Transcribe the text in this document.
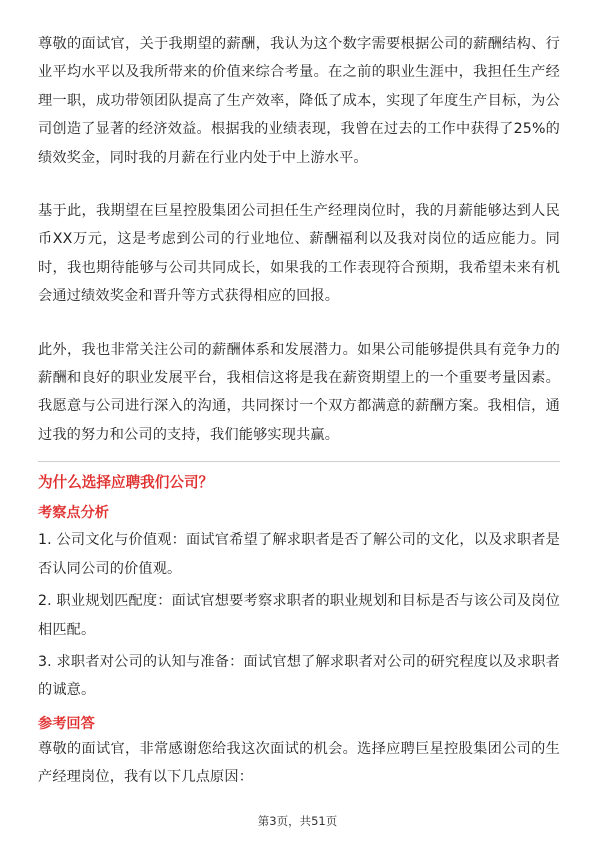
尊敬的面试官，关于我期望的薪酬，我认为这个数字需要根据公司的薪酬结构、行业平均水平以及我所带来的价值来综合考量。在之前的职业生涯中，我担任生产经理一职，成功带领团队提高了生产效率，降低了成本，实现了年度生产目标，为公司创造了显著的经济效益。根据我的业绩表现，我曾在过去的工作中获得了25%的绩效奖金，同时我的月薪在行业内处于中上游水平。

基于此，我期望在巨星控股集团公司担任生产经理岗位时，我的月薪能够达到人民币XX万元，这是考虑到公司的行业地位、薪酬福利以及我对岗位的适应能力。同时，我也期待能够与公司共同成长，如果我的工作表现符合预期，我希望未来有机会通过绩效奖金和晋升等方式获得相应的回报。

此外，我也非常关注公司的薪酬体系和发展潜力。如果公司能够提供具有竞争力的薪酬和良好的职业发展平台，我相信这将是我在薪资期望上的一个重要考量因素。我愿意与公司进行深入的沟通，共同探讨一个双方都满意的薪酬方案。我相信，通过我的努力和公司的支持，我们能够实现共赢。

为什么选择应聘我们公司？
考察点分析

1. 公司文化与价值观：面试官希望了解求职者是否了解公司的文化，以及求职者是否认同公司的价值观。

2. 职业规划匹配度：面试官想要考察求职者的职业规划和目标是否与该公司及岗位相匹配。

3. 求职者对公司的认知与准备：面试官想了解求职者对公司的研究程度以及求职者的诚意。

参考回答

尊敬的面试官，非常感谢您给我这次面试的机会。选择应聘巨星控股集团公司的生产经理岗位，我有以下几点原因：

第3页，共51页
